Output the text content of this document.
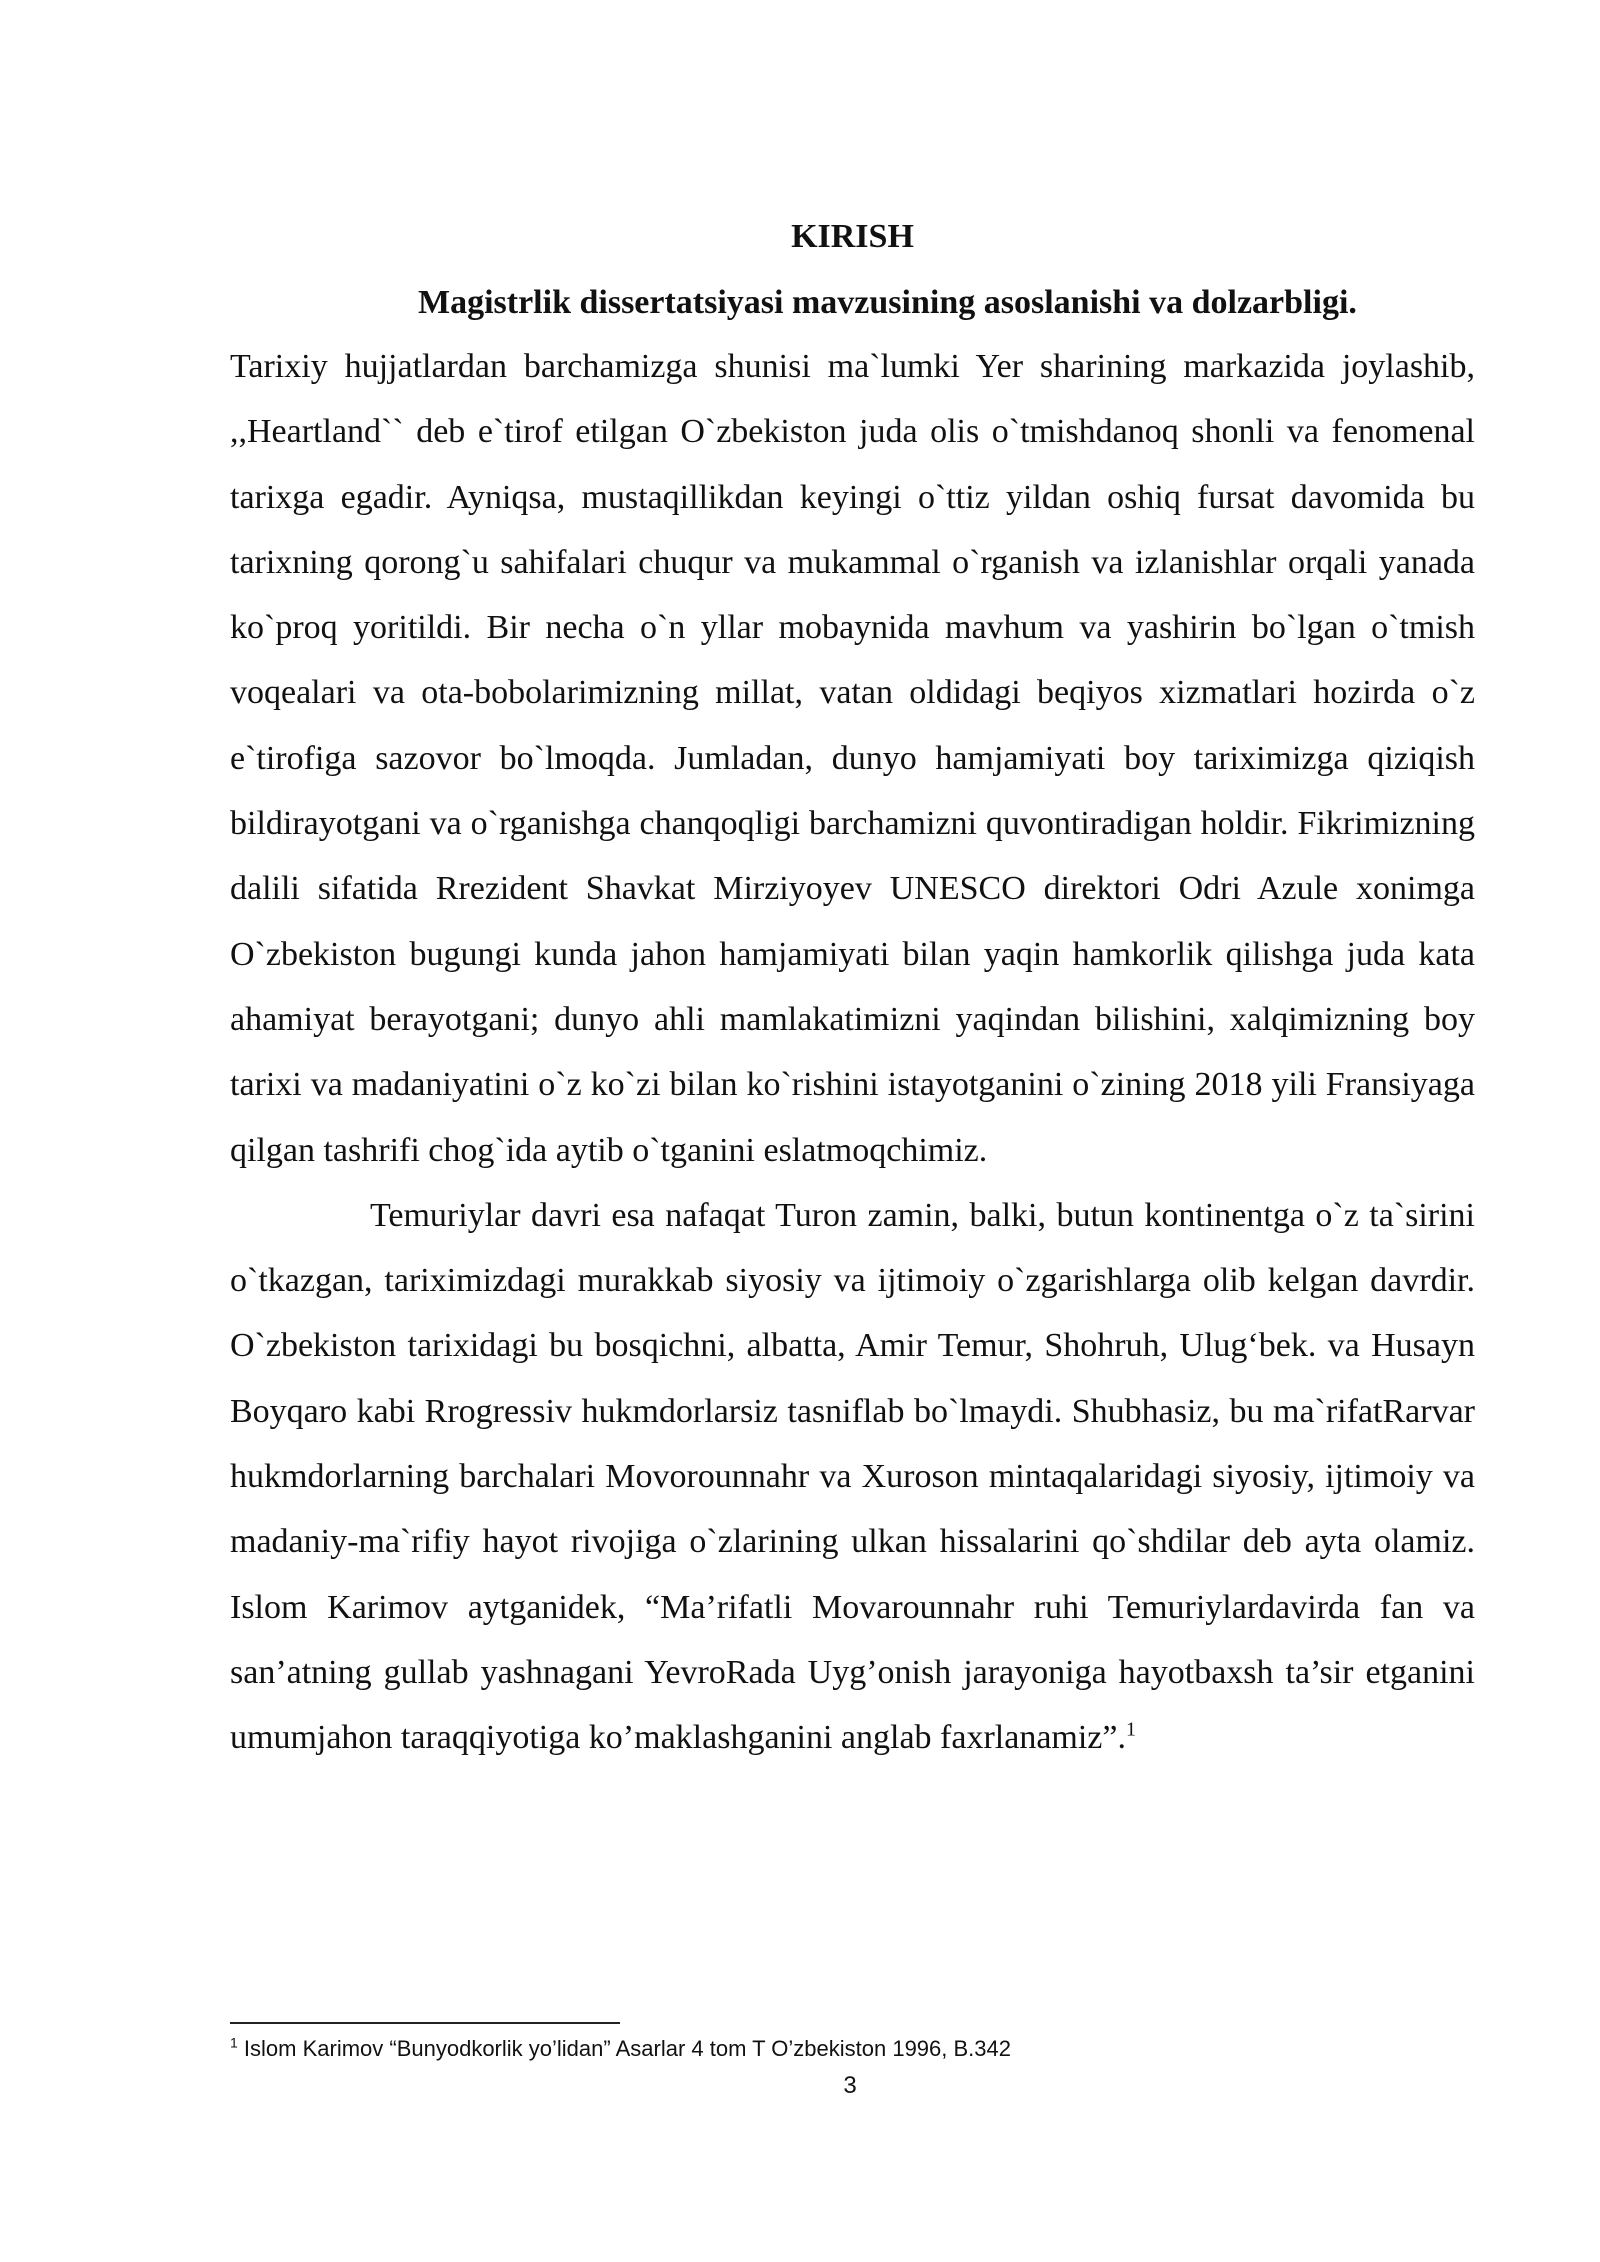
KIRISH

Magistrlik dissertatsiyasi mavzusining asoslanishi va dolzarbligi.

Tarixiy hujjatlardan barchamizga shunisi ma`lumki Yer sharining markazida joylashib, ,,Heartland`` deb e`tirof etilgan O`zbekiston juda olis o`tmishdanoq shonli va fenomenal tarixga egadir. Ayniqsa, mustaqillikdan keyingi o`ttiz yildan oshiq fursat davomida bu tarixning qorong`u sahifalari chuqur va mukammal o`rganish va izlanishlar orqali yanada ko`proq yoritildi. Bir necha o`n yllar mobaynida mavhum va yashirin bo`lgan o`tmish voqealari va ota-bobolarimizning millat, vatan oldidagi beqiyos xizmatlari hozirda o`z e`tirofiga sazovor bo`lmoqda. Jumladan, dunyo hamjamiyati boy tariximizga qiziqish bildirayotgani va o`rganishga chanqoqligi barchamizni quvontiradigan holdir. Fikrimizning dalili sifatida Rrezident Shavkat Mirziyoyev UNESCO direktori Odri Azule xonimga O`zbekiston bugungi kunda jahon hamjamiyati bilan yaqin hamkorlik qilishga juda kata ahamiyat berayotgani; dunyo ahli mamlakatimizni yaqindan bilishini, xalqimizning boy tarixi va madaniyatini o`z ko`zi bilan ko`rishini istayotganini o`zining 2018 yili Fransiyaga qilgan tashrifi chog`ida aytib o`tganini eslatmoqchimiz.

Temuriylar davri esa nafaqat Turon zamin, balki, butun kontinentga o`z ta`sirini o`tkazgan, tariximizdagi murakkab siyosiy va ijtimoiy o`zgarishlarga olib kelgan davrdir. O`zbekiston tarixidagi bu bosqichni, albatta, Amir Temur, Shohruh, Ulug‘bek. va Husayn Boyqaro kabi Rrogressiv hukmdorlarsiz tasniflab bo`lmaydi. Shubhasiz, bu ma`rifatRarvar hukmdorlarning barchalari Movorounnahr va Xuroson mintaqalaridagi siyosiy, ijtimoiy va madaniy-ma`rifiy hayot rivojiga o`zlarining ulkan hissalarini qo`shdilar deb ayta olamiz. Islom Karimov aytganidek, “Ma’rifatli Movarounnahr ruhi Temuriylardavirda fan va san’atning gullab yashnagani YevroRada Uyg’onish jarayoniga hayotbaxsh ta’sir etganini umumjahon taraqqiyotiga ko’maklashganini anglab faxrlanamiz”.$^1$

$^1$ Islom Karimov “Bunyodkorlik yo’lidan” Asarlar 4 tom T O’zbekiston 1996, B.342
3
